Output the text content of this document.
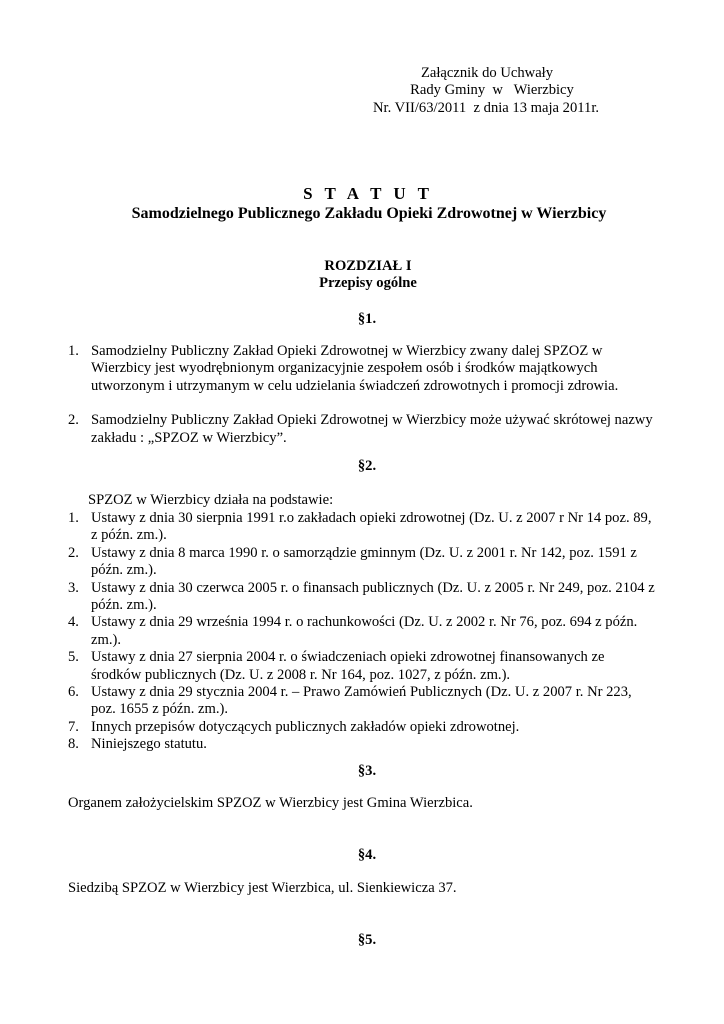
Załącznik do Uchwały
Rady Gminy  w   Wierzbicy
Nr. VII/63/2011  z dnia 13 maja 2011r.
S T A T U T
Samodzielnego Publicznego Zakładu Opieki Zdrowotnej w Wierzbicy
ROZDZIAŁ I
Przepisy ogólne
§1.
1. Samodzielny Publiczny Zakład Opieki Zdrowotnej w Wierzbicy zwany dalej SPZOZ w Wierzbicy jest wyodrębnionym organizacyjnie zespołem osób i środków majątkowych utworzonym i utrzymanym w celu udzielania świadczeń zdrowotnych i promocji zdrowia.
2. Samodzielny Publiczny Zakład Opieki Zdrowotnej w Wierzbicy może używać skrótowej nazwy zakładu : „SPZOZ w Wierzbicy”.
§2.
SPZOZ w Wierzbicy działa na podstawie:
1. Ustawy z dnia 30 sierpnia 1991 r.o zakładach opieki zdrowotnej (Dz. U. z 2007 r Nr 14 poz. 89, z późn. zm.).
2. Ustawy z dnia 8 marca 1990 r. o samorządzie gminnym (Dz. U. z 2001 r. Nr 142, poz. 1591 z późn. zm.).
3. Ustawy z dnia 30 czerwca 2005 r. o finansach publicznych (Dz. U. z 2005 r. Nr 249, poz. 2104 z późn. zm.).
4. Ustawy z dnia 29 września 1994 r. o rachunkowości (Dz. U. z 2002 r. Nr 76, poz. 694 z późn. zm.).
5. Ustawy z dnia 27 sierpnia 2004 r. o świadczeniach opieki zdrowotnej finansowanych ze środków publicznych (Dz. U. z 2008 r. Nr 164, poz. 1027, z późn. zm.).
6. Ustawy z dnia 29 stycznia 2004 r. – Prawo Zamówień Publicznych (Dz. U. z 2007 r. Nr 223, poz. 1655 z późn. zm.).
7. Innych przepisów dotyczących publicznych zakładów opieki zdrowotnej.
8. Niniejszego statutu.
§3.
Organem założycielskim SPZOZ w Wierzbicy jest Gmina Wierzbica.
§4.
Siedzibą SPZOZ w Wierzbicy jest Wierzbica, ul. Sienkiewicza 37.
§5.
